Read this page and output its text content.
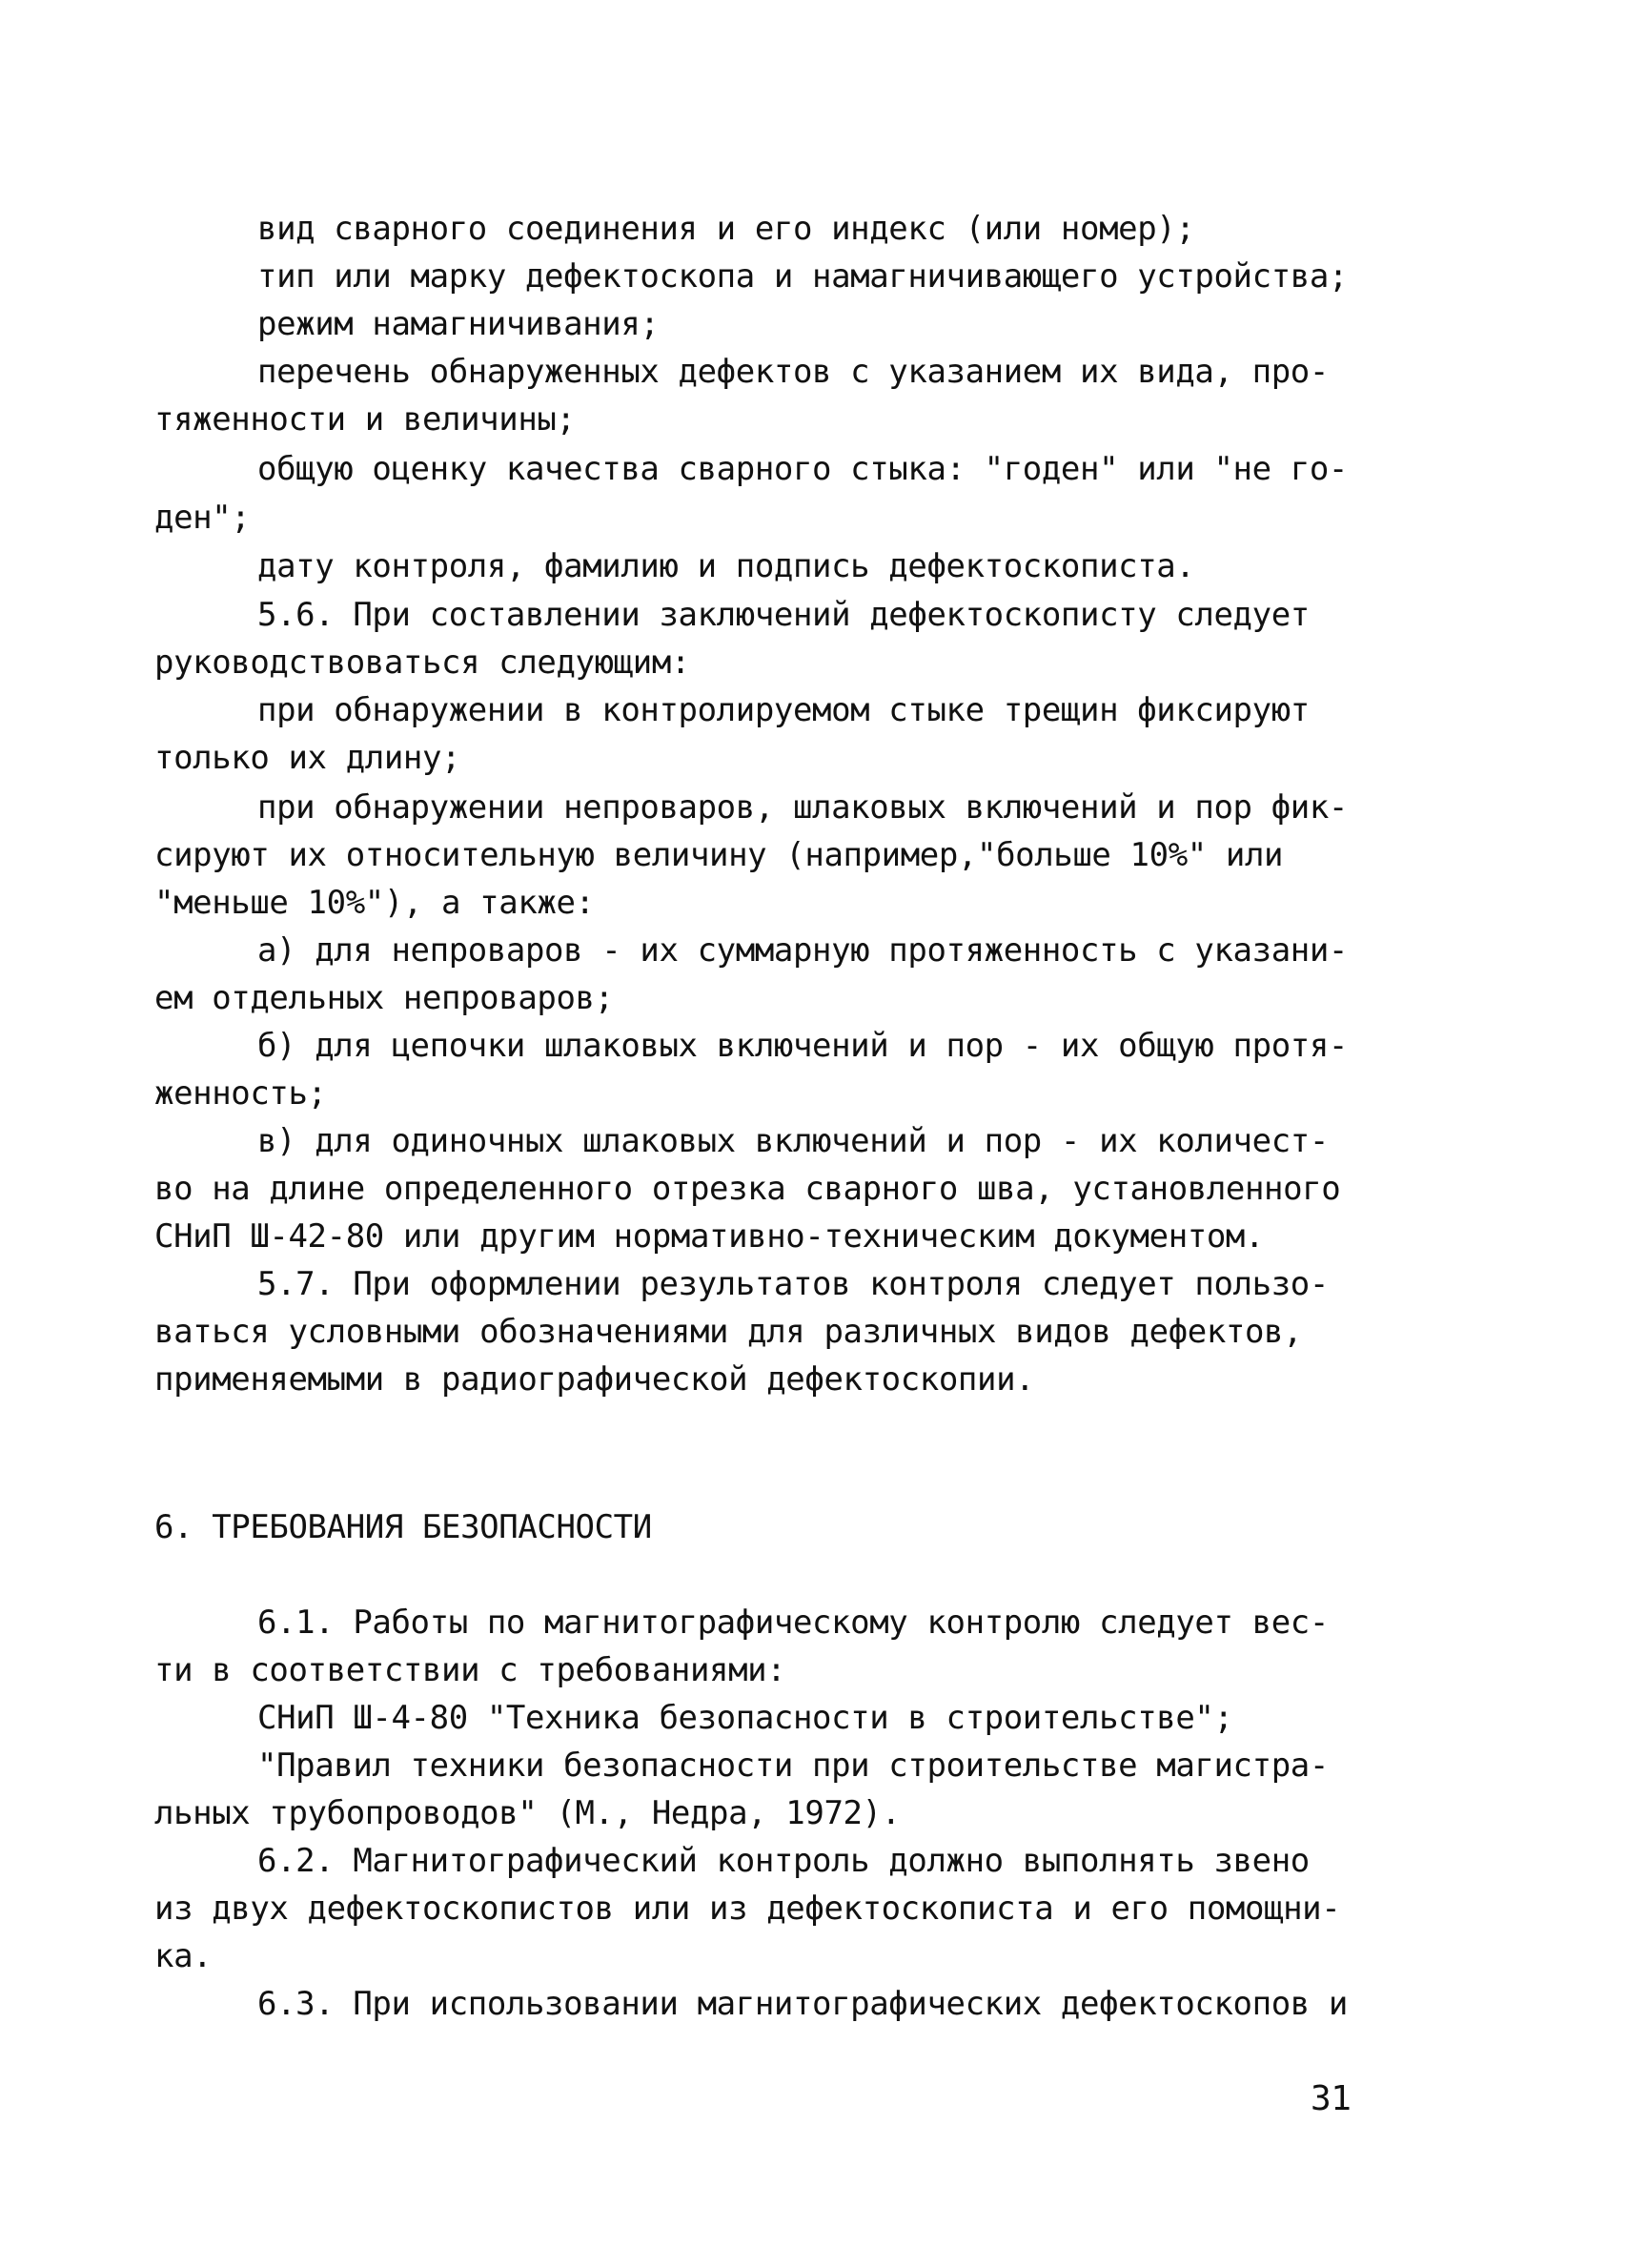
вид сварного соединения и его индекс (или номер);
тип или марку дефектоскопа и намагничивающего устройства;
режим намагничивания;
перечень обнаруженных дефектов с указанием их вида, про-
тяженности и величины;
общую оценку качества сварного стыка: "годен" или "не го-
ден";
дату контроля, фамилию и подпись дефектоскописта.
5.6. При составлении заключений дефектоскописту следует
руководствоваться следующим:
при обнаружении в контролируемом стыке трещин фиксируют
только их длину;
при обнаружении непроваров, шлаковых включений и пор фик-
сируют их относительную величину (например,"больше 10%" или
"меньше 10%"), а также:
а) для непроваров - их суммарную протяженность с указани-
ем отдельных непроваров;
б) для цепочки шлаковых включений и пор - их общую протя-
женность;
в) для одиночных шлаковых включений и пор - их количест-
во на длине определенного отрезка сварного шва, установленного
СНиП Ш-42-80 или другим нормативно-техническим документом.
5.7. При оформлении результатов контроля следует пользо-
ваться условными обозначениями для различных видов дефектов,
применяемыми в радиографической дефектоскопии.
6. ТРЕБОВАНИЯ БЕЗОПАСНОСТИ
6.1. Работы по магнитографическому контролю следует вес-
ти в соответствии с требованиями:
СНиП Ш-4-80 "Техника безопасности в строительстве";
"Правил техники безопасности при строительстве магистра-
льных трубопроводов" (М., Недра, 1972).
6.2. Магнитографический контроль должно выполнять звено
из двух дефектоскопистов или из дефектоскописта и его помощни-
ка.
6.3. При использовании магнитографических дефектоскопов и
31
